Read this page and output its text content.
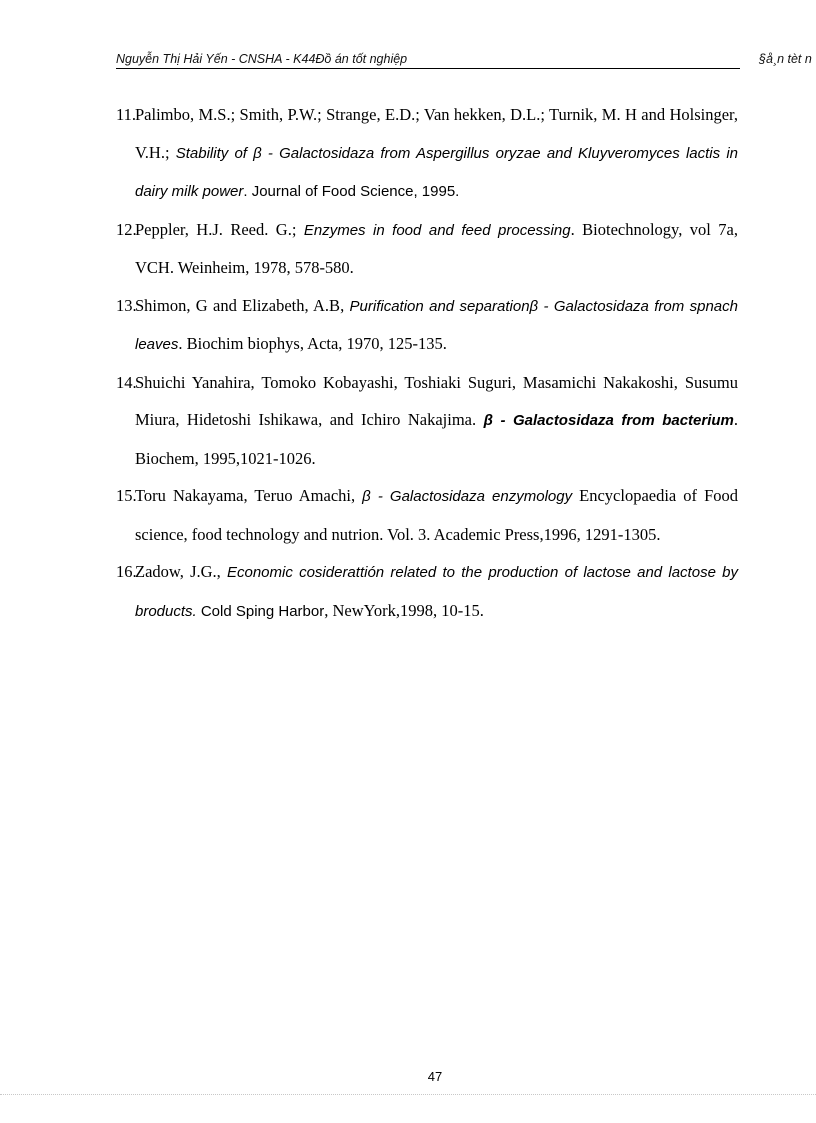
Nguyễn Thị Hải Yến - CNSHA - K44Đồ án tốt nghiệp	§å¸n tèt n
11.
Palimbo, M.S.; Smith, P.W.; Strange, E.D.; Van hekken, D.L.; Turnik, M. H and Holsinger, V.H.; Stability of β - Galactosidaza from Aspergillus oryzae and Kluyveromyces lactis in dairy milk power. Journal of Food Science, 1995.
12.
Peppler, H.J. Reed. G.; Enzymes in food and feed processing. Biotechnology, vol 7a, VCH. Weinheim, 1978, 578-580.
13.
Shimon, G and Elizabeth, A.B, Purification and separationβ - Galactosidaza from spnach leaves. Biochim biophys, Acta, 1970, 125-135.
14.
Shuichi Yanahira, Tomoko Kobayashi, Toshiaki Suguri, Masamichi Nakakoshi, Susumu Miura, Hidetoshi Ishikawa, and Ichiro Nakajima. β - Galactosidaza from bacterium. Biochem, 1995,1021-1026.
15.
Toru Nakayama, Teruo Amachi, β - Galactosidaza enzymology Encyclopaedia of Food science, food technology and nutrion. Vol. 3. Academic Press,1996, 1291-1305.
16.
Zadow, J.G., Economic cosiderattión related to the production of lactose and lactose by broducts. Cold Sping Harbor, NewYork,1998, 10-15.
47
